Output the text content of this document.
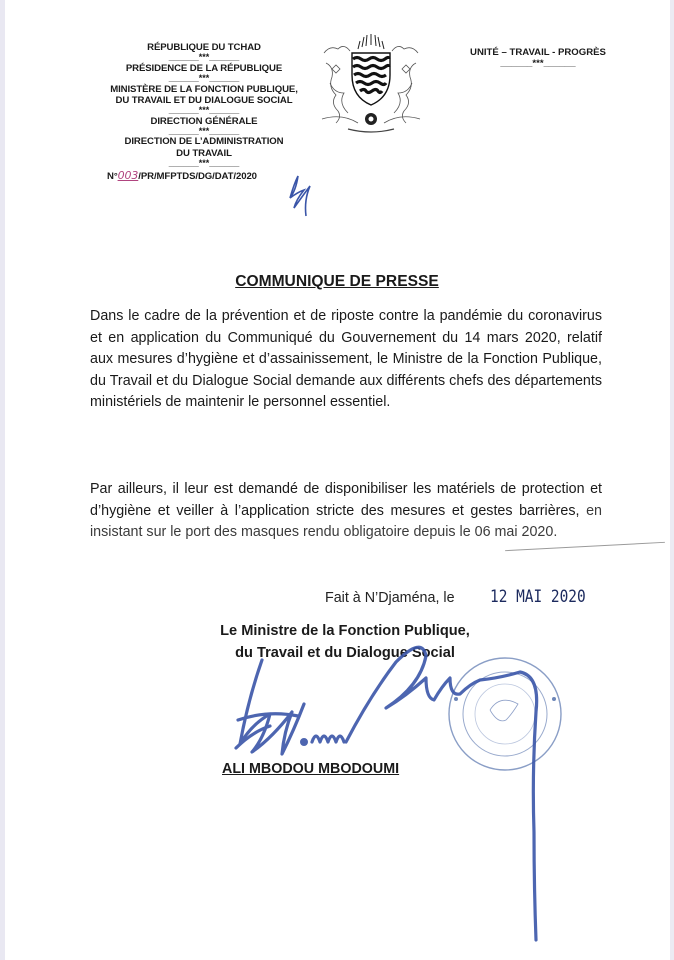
RÉPUBLIQUE DU TCHAD
______***______
PRÉSIDENCE DE LA RÉPUBLIQUE
______***______
MINISTÈRE DE LA FONCTION PUBLIQUE,
DU TRAVAIL ET DU DIALOGUE SOCIAL
______***______
DIRECTION GÉNÉRALE
______***______
DIRECTION DE L’ADMINISTRATION
DU TRAVAIL
______***______
N°003/PR/MFPTDS/DG/DAT/2020
UNITÉ – TRAVAIL - PROGRÈS
______***______
COMMUNIQUE DE PRESSE
Dans le cadre de la prévention et de riposte contre la pandémie du coronavirus et en application du Communiqué du Gouvernement du 14 mars 2020, relatif aux mesures d’hygiène et d’assainissement, le Ministre de la Fonction Publique, du Travail et du Dialogue Social demande aux différents chefs des départements ministériels de maintenir le personnel essentiel.
Par ailleurs, il leur est demandé de disponibiliser les matériels de protection et d’hygiène et veiller à l’application stricte des mesures et gestes barrières, en insistant sur le port des masques rendu obligatoire depuis le 06 mai 2020.
Fait à N’Djaména, le 12 MAI 2020
Le Ministre de la Fonction Publique,
du Travail et du Dialogue Social
ALI MBODOU MBODOUMI
